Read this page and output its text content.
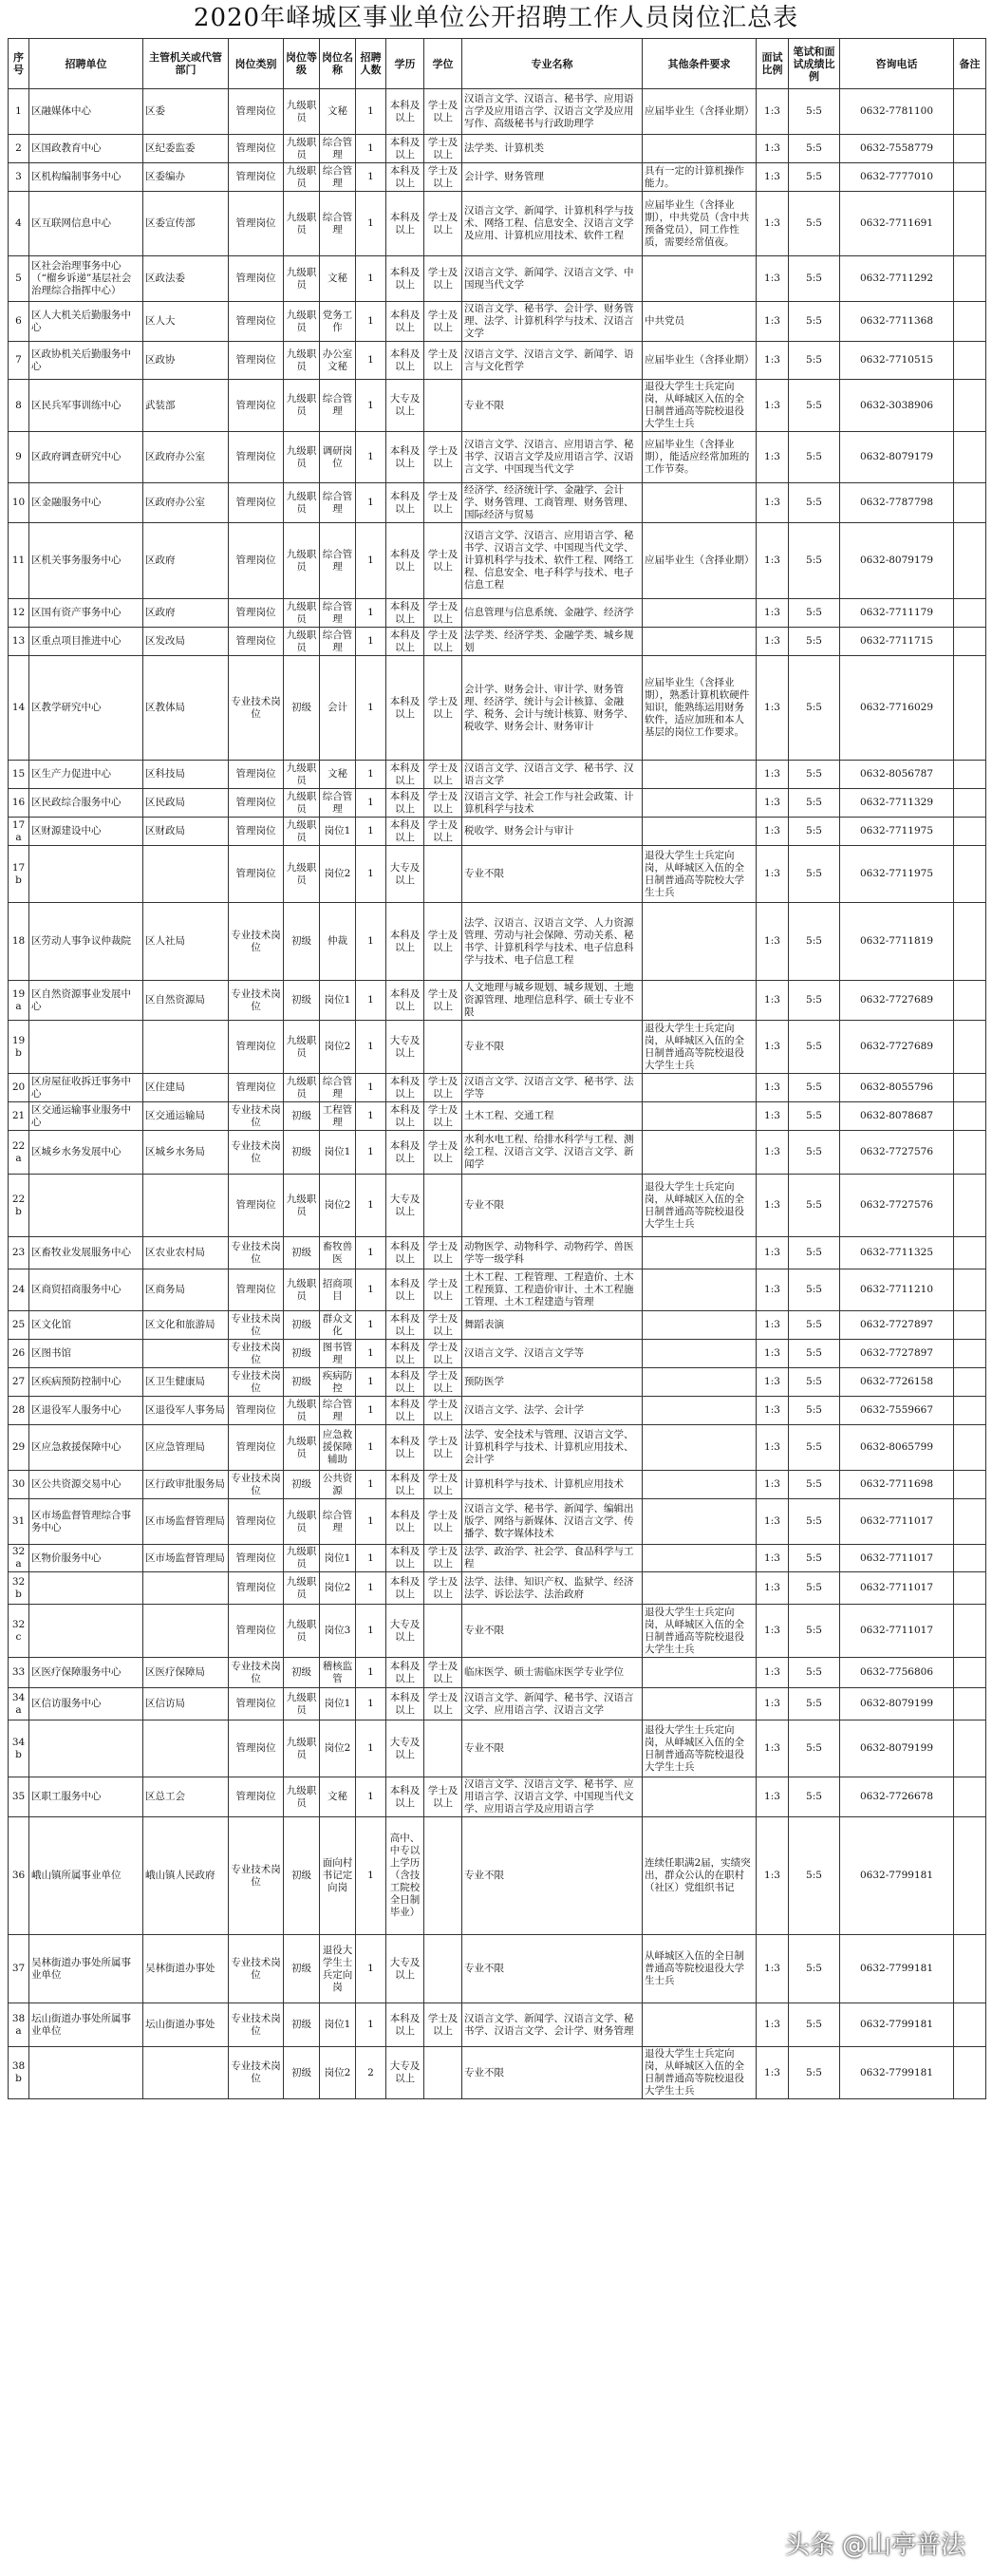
2020年峄城区事业单位公开招聘工作人员岗位汇总表
序号	招聘单位	主管机关或代管部门	岗位类别	岗位等级	岗位名称	招聘人数	学历	学位	专业名称	其他条件要求	面试比例	笔试和面试成绩比例	咨询电话	备注
1	区融媒体中心	区委	管理岗位	九级职员	文秘	1	本科及以上	学士及以上	汉语言文学、汉语言、秘书学、应用语言学及应用语言学、汉语言文学及应用写作、高级秘书与行政助理学	应届毕业生（含择业期）	1:3	5:5	0632-7781100	
2	区国政教育中心	区纪委监委	管理岗位	九级职员	综合管理	1	本科及以上	学士及以上	法学类、计算机类		1:3	5:5	0632-7558779	
3	区机构编制事务中心	区委编办	管理岗位	九级职员	综合管理	1	本科及以上	学士及以上	会计学、财务管理	具有一定的计算机操作能力。	1:3	5:5	0632-7777010	
4	区互联网信息中心	区委宣传部	管理岗位	九级职员	综合管理	1	本科及以上	学士及以上	汉语言文学、新闻学、计算机科学与技术、网络工程、信息安全、汉语言文学及应用、计算机应用技术、软件工程	应届毕业生（含择业期），中共党员（含中共预备党员），同工作性质，需要经常值夜。	1:3	5:5	0632-7711691	
5	区社会治理事务中心（“榴乡诉递”基层社会治理综合指挥中心）	区政法委	管理岗位	九级职员	文秘	1	本科及以上	学士及以上	汉语言文学、新闻学、汉语言文学、中国现当代文学		1:3	5:5	0632-7711292	
6	区人大机关后勤服务中心	区人大	管理岗位	九级职员	党务工作	1	本科及以上	学士及以上	汉语言文学、秘书学、会计学、财务管理、法学、计算机科学与技术、汉语言文学	中共党员	1:3	5:5	0632-7711368	
7	区政协机关后勤服务中心	区政协	管理岗位	九级职员	办公室文秘	1	本科及以上	学士及以上	汉语言文学、汉语言文学、新闻学、语言与文化哲学	应届毕业生（含择业期）	1:3	5:5	0632-7710515	
8	区民兵军事训练中心	武装部	管理岗位	九级职员	综合管理	1	大专及以上		专业不限	退役大学生士兵定向岗，从峄城区入伍的全日制普通高等院校退役大学生士兵	1:3	5:5	0632-3038906	
9	区政府调查研究中心	区政府办公室	管理岗位	九级职员	调研岗位	1	本科及以上	学士及以上	汉语言文学、汉语言、应用语言学、秘书学、汉语言文学及应用语言学、汉语言文学、中国现当代文学	应届毕业生（含择业期），能适应经常加班的工作节奏。	1:3	5:5	0632-8079179	
10	区金融服务中心	区政府办公室	管理岗位	九级职员	综合管理	1	本科及以上	学士及以上	经济学、经济统计学、金融学、会计学、财务管理、工商管理、财务管理、国际经济与贸易		1:3	5:5	0632-7787798	
11	区机关事务服务中心	区政府	管理岗位	九级职员	综合管理	1	本科及以上	学士及以上	汉语言文学、汉语言、应用语言学、秘书学、汉语言文学、中国现当代文学、计算机科学与技术、软件工程、网络工程、信息安全、电子科学与技术、电子信息工程	应届毕业生（含择业期）	1:3	5:5	0632-8079179	
12	区国有资产事务中心	区政府	管理岗位	九级职员	综合管理	1	本科及以上	学士及以上	信息管理与信息系统、金融学、经济学		1:3	5:5	0632-7711179	
13	区重点项目推进中心	区发改局	管理岗位	九级职员	综合管理	1	本科及以上	学士及以上	法学类、经济学类、金融学类、城乡规划		1:3	5:5	0632-7711715	
14	区教学研究中心	区教体局	专业技术岗位	初级	会计	1	本科及以上	学士及以上	会计学、财务会计、审计学、财务管理、经济学、统计与会计核算、金融学、税务、会计与统计核算、财务学、税收学、财务会计、财务审计	应届毕业生（含择业期），熟悉计算机软硬件知识，能熟练运用财务软件，适应加班和本人基层的岗位工作要求。	1:3	5:5	0632-7716029	
15	区生产力促进中心	区科技局	管理岗位	九级职员	文秘	1	本科及以上	学士及以上	汉语言文学、汉语言文学、秘书学、汉语言文学		1:3	5:5	0632-8056787	
16	区民政综合服务中心	区民政局	管理岗位	九级职员	综合管理	1	本科及以上	学士及以上	汉语言文学、社会工作与社会政策、计算机科学与技术		1:3	5:5	0632-7711329	
17a	区财源建设中心	区财政局	管理岗位	九级职员	岗位1	1	本科及以上	学士及以上	税收学、财务会计与审计		1:3	5:5	0632-7711975	
17b			管理岗位	九级职员	岗位2	1	大专及以上		专业不限	退役大学生士兵定向岗，从峄城区入伍的全日制普通高等院校大学生士兵	1:3	5:5	0632-7711975	
18	区劳动人事争议仲裁院	区人社局	专业技术岗位	初级	仲裁	1	本科及以上	学士及以上	法学、汉语言、汉语言文学、人力资源管理、劳动与社会保障、劳动关系、秘书学、计算机科学与技术、电子信息科学与技术、电子信息工程		1:3	5:5	0632-7711819	
19a	区自然资源事业发展中心	区自然资源局	专业技术岗位	初级	岗位1	1	本科及以上	学士及以上	人文地理与城乡规划、城乡规划、土地资源管理、地理信息科学、硕士专业不限		1:3	5:5	0632-7727689	
19b			管理岗位	九级职员	岗位2	1	大专及以上		专业不限	退役大学生士兵定向岗，从峄城区入伍的全日制普通高等院校退役大学生士兵	1:3	5:5	0632-7727689	
20	区房屋征收拆迁事务中心	区住建局	管理岗位	九级职员	综合管理	1	本科及以上	学士及以上	汉语言文学、汉语言文学、秘书学、法学等		1:3	5:5	0632-8055796	
21	区交通运输事业服务中心	区交通运输局	专业技术岗位	初级	工程管理	1	本科及以上	学士及以上	土木工程、交通工程		1:3	5:5	0632-8078687	
22a	区城乡水务发展中心	区城乡水务局	专业技术岗位	初级	岗位1	1	本科及以上	学士及以上	水利水电工程、给排水科学与工程、测绘工程、汉语言文学、汉语言文学、新闻学		1:3	5:5	0632-7727576	
22b			管理岗位	九级职员	岗位2	1	大专及以上		专业不限	退役大学生士兵定向岗，从峄城区入伍的全日制普通高等院校退役大学生士兵	1:3	5:5	0632-7727576	
23	区畜牧业发展服务中心	区农业农村局	专业技术岗位	初级	畜牧兽医	1	本科及以上	学士及以上	动物医学、动物科学、动物药学、兽医学等一级学科		1:3	5:5	0632-7711325	
24	区商贸招商服务中心	区商务局	管理岗位	九级职员	招商项目	1	本科及以上	学士及以上	土木工程、工程管理、工程造价、土木工程预算、工程造价审计、土木工程施工管理、土木工程建造与管理		1:3	5:5	0632-7711210	
25	区文化馆	区文化和旅游局	专业技术岗位	初级	群众文化	1	本科及以上	学士及以上	舞蹈表演		1:3	5:5	0632-7727897	
26	区图书馆		专业技术岗位	初级	图书管理	1	本科及以上	学士及以上	汉语言文学、汉语言文学等		1:3	5:5	0632-7727897	
27	区疾病预防控制中心	区卫生健康局	专业技术岗位	初级	疾病防控	1	本科及以上	学士及以上	预防医学		1:3	5:5	0632-7726158	
28	区退役军人服务中心	区退役军人事务局	管理岗位	九级职员	综合管理	1	本科及以上	学士及以上	汉语言文学、法学、会计学		1:3	5:5	0632-7559667	
29	区应急救援保障中心	区应急管理局	管理岗位	九级职员	应急救援保障辅助	1	本科及以上	学士及以上	法学、安全技术与管理、汉语言文学、计算机科学与技术、计算机应用技术、会计学		1:3	5:5	0632-8065799	
30	区公共资源交易中心	区行政审批服务局	专业技术岗位	初级	公共资源	1	本科及以上	学士及以上	计算机科学与技术、计算机应用技术		1:3	5:5	0632-7711698	
31	区市场监督管理综合事务中心	区市场监督管理局	管理岗位	九级职员	综合管理	1	本科及以上	学士及以上	汉语言文学、秘书学、新闻学、编辑出版学、网络与新媒体、汉语言文学、传播学、数字媒体技术		1:3	5:5	0632-7711017	
32a	区物价服务中心	区市场监督管理局	管理岗位	九级职员	岗位1	1	本科及以上	学士及以上	法学、政治学、社会学、食品科学与工程		1:3	5:5	0632-7711017	
32b			管理岗位	九级职员	岗位2	1	本科及以上	学士及以上	法学、法律、知识产权、监狱学、经济法学、诉讼法学、法治政府		1:3	5:5	0632-7711017	
32c			管理岗位	九级职员	岗位3	1	大专及以上		专业不限	退役大学生士兵定向岗，从峄城区入伍的全日制普通高等院校退役大学生士兵	1:3	5:5	0632-7711017	
33	区医疗保障服务中心	区医疗保障局	专业技术岗位	初级	稽核监管	1	本科及以上	学士及以上	临床医学、硕士需临床医学专业学位		1:3	5:5	0632-7756806	
34a	区信访服务中心	区信访局	管理岗位	九级职员	岗位1	1	本科及以上	学士及以上	汉语言文学、新闻学、秘书学、汉语言文学、应用语言学、汉语言文学		1:3	5:5	0632-8079199	
34b			管理岗位	九级职员	岗位2	1	大专及以上		专业不限	退役大学生士兵定向岗，从峄城区入伍的全日制普通高等院校退役大学生士兵	1:3	5:5	0632-8079199	
35	区职工服务中心	区总工会	管理岗位	九级职员	文秘	1	本科及以上	学士及以上	汉语言文学、汉语言文学、秘书学、应用语言学、汉语言文学、中国现当代文学、应用语言学及应用语言学		1:3	5:5	0632-7726678	
36	峨山镇所属事业单位	峨山镇人民政府	专业技术岗位	初级	面向村书记定向岗	1	高中、中专以上学历（含技工院校全日制毕业）		专业不限	连续任职满2届，实绩突出，群众公认的在职村（社区）党组织书记	1:3	5:5	0632-7799181	
37	吴林街道办事处所属事业单位	吴林街道办事处	专业技术岗位	初级	退役大学生士兵定向岗	1	大专及以上		专业不限	从峄城区入伍的全日制普通高等院校退役大学生士兵	1:3	5:5	0632-7799181	
38a	坛山街道办事处所属事业单位	坛山街道办事处	专业技术岗位	初级	岗位1	1	本科及以上	学士及以上	汉语言文学、新闻学、汉语言文学、秘书学、汉语言文学、会计学、财务管理		1:3	5:5	0632-7799181	
38b			专业技术岗位	初级	岗位2	2	大专及以上		专业不限	退役大学生士兵定向岗，从峄城区入伍的全日制普通高等院校退役大学生士兵	1:3	5:5	0632-7799181	
头条 @山亭普法
